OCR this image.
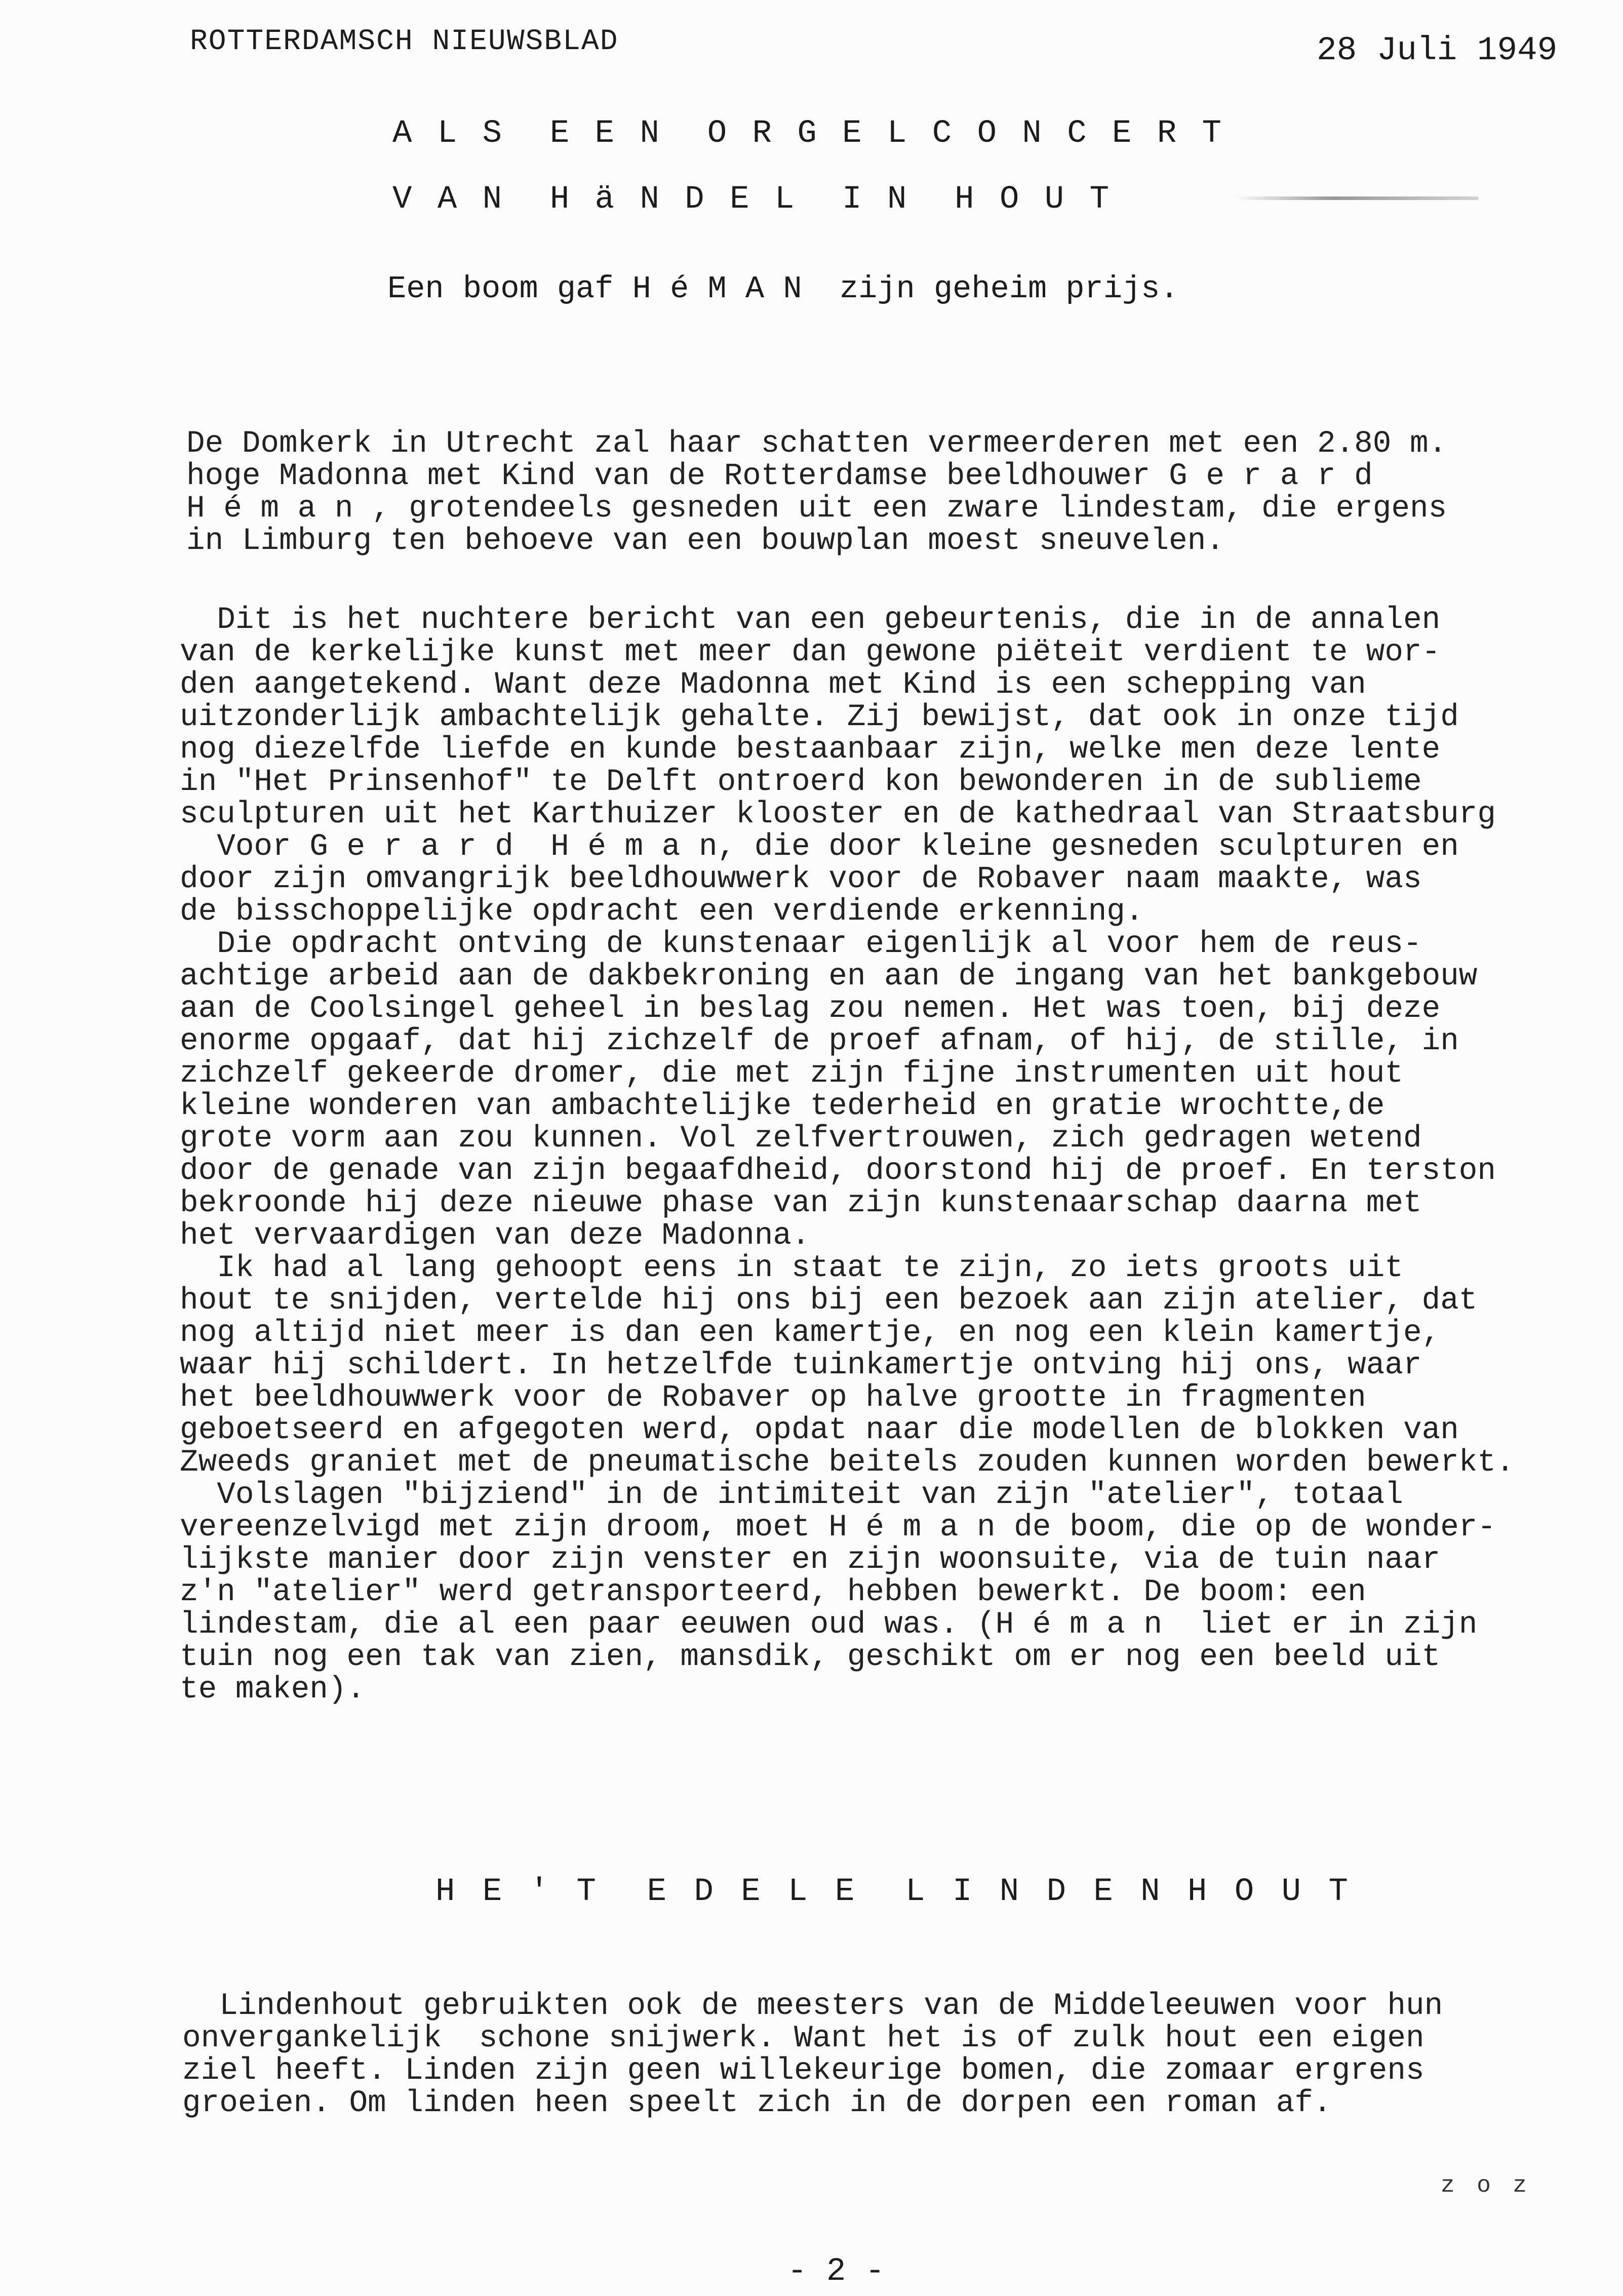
ROTTERDAMSCH NIEUWSBLAD	28 Juli 1949
A L S  E E N  O R G E L C O N C E R T
V A N  H ä N D E L  I N  H O U T
Een boom gaf H é M A N  zijn geheim prijs.
De Domkerk in Utrecht zal haar schatten vermeerderen met een 2.80 m.
hoge Madonna met Kind van de Rotterdamse beeldhouwer G e r a r d
H é m a n , grotendeels gesneden uit een zware lindestam, die ergens
in Limburg ten behoeve van een bouwplan moest sneuvelen.
Dit is het nuchtere bericht van een gebeurtenis, die in de annalen
van de kerkelijke kunst met meer dan gewone piëteit verdient te wor-
den aangetekend. Want deze Madonna met Kind is een schepping van
uitzonderlijk ambachtelijk gehalte. Zij bewijst, dat ook in onze tijd
nog diezelfde liefde en kunde bestaanbaar zijn, welke men deze lente
in "Het Prinsenhof" te Delft ontroerd kon bewonderen in de sublieme
sculpturen uit het Karthuizer klooster en de kathedraal van Straatsburg
Voor G e r a r d  H é m a n, die door kleine gesneden sculpturen en
door zijn omvangrijk beeldhouwwerk voor de Robaver naam maakte, was
de bisschoppelijke opdracht een verdiende erkenning.
Die opdracht ontving de kunstenaar eigenlijk al voor hem de reus-
achtige arbeid aan de dakbekroning en aan de ingang van het bankgebouw
aan de Coolsingel geheel in beslag zou nemen. Het was toen, bij deze
enorme opgaaf, dat hij zichzelf de proef afnam, of hij, de stille, in
zichzelf gekeerde dromer, die met zijn fijne instrumenten uit hout
kleine wonderen van ambachtelijke tederheid en gratie wrochtte,de
grote vorm aan zou kunnen. Vol zelfvertrouwen, zich gedragen wetend
door de genade van zijn begaafdheid, doorstond hij de proef. En terston
bekroonde hij deze nieuwe phase van zijn kunstenaarschap daarna met
het vervaardigen van deze Madonna.
Ik had al lang gehoopt eens in staat te zijn, zo iets groots uit
hout te snijden, vertelde hij ons bij een bezoek aan zijn atelier, dat
nog altijd niet meer is dan een kamertje, en nog een klein kamertje,
waar hij schildert. In hetzelfde tuinkamertje ontving hij ons, waar
het beeldhouwwerk voor de Robaver op halve grootte in fragmenten
geboetseerd en afgegoten werd, opdat naar die modellen de blokken van
Zweeds graniet met de pneumatische beitels zouden kunnen worden bewerkt.
Volslagen "bijziend" in de intimiteit van zijn "atelier", totaal
vereenzelvigd met zijn droom, moet H é m a n de boom, die op de wonder-
lijkste manier door zijn venster en zijn woonsuite, via de tuin naar
z'n "atelier" werd getransporteerd, hebben bewerkt. De boom: een
lindestam, die al een paar eeuwen oud was. (H é m a n  liet er in zijn
tuin nog een tak van zien, mansdik, geschikt om er nog een beeld uit
te maken).
H E ' T  E D E L E  L I N D E N H O U T
Lindenhout gebruikten ook de meesters van de Middeleeuwen voor hun
onvergankelijk  schone snijwerk. Want het is of zulk hout een eigen
ziel heeft. Linden zijn geen willekeurige bomen, die zomaar ergrens
groeien. Om linden heen speelt zich in de dorpen een roman af.
z o z
- 2 -
